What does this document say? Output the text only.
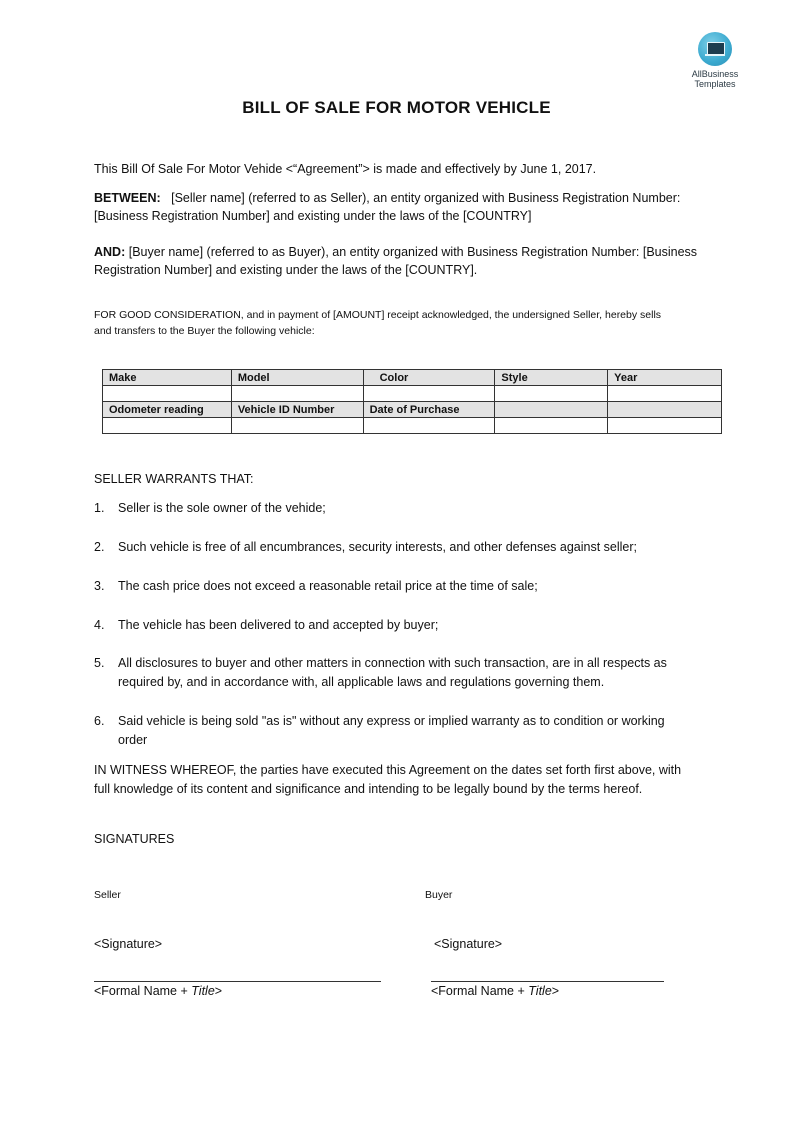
AllBusiness
Templates
BILL OF SALE FOR MOTOR VEHICLE
This Bill Of Sale For Motor Vehide <“Agreement”> is made and effectively by June 1, 2017.
BETWEEN: [Seller name] (referred to as Seller), an entity organized with Business Registration Number: [Business Registration Number] and existing under the laws of the [COUNTRY]
AND: [Buyer name] (referred to as Buyer), an entity organized with Business Registration Number: [Business Registration Number] and existing under the laws of the [COUNTRY].
FOR GOOD CONSIDERATION, and in payment of [AMOUNT] receipt acknowledged, the undersigned Seller, hereby sells and transfers to the Buyer the following vehicle:
Make	Model	Color	Style	Year

Odometer reading	Vehicle ID Number	Date of Purchase		

SELLER WARRANTS THAT:
1.	Seller is the sole owner of the vehide;
2.	Such vehicle is free of all encumbrances, security interests, and other defenses against seller;
3.	The cash price does not exceed a reasonable retail price at the time of sale;
4.	The vehicle has been delivered to and accepted by buyer;
5.	All disclosures to buyer and other matters in connection with such transaction, are in all respects as required by, and in accordance with, all applicable laws and regulations governing them.
6.	Said vehicle is being sold "as is" without any express or implied warranty as to condition or working order
IN WITNESS WHEREOF, the parties have executed this Agreement on the dates set forth first above, with full knowledge of its content and significance and intending to be legally bound by the terms hereof.
SIGNATURES
Seller	Buyer
<Signature>	<Signature>
<Formal Name + Title>	<Formal Name + Title>
